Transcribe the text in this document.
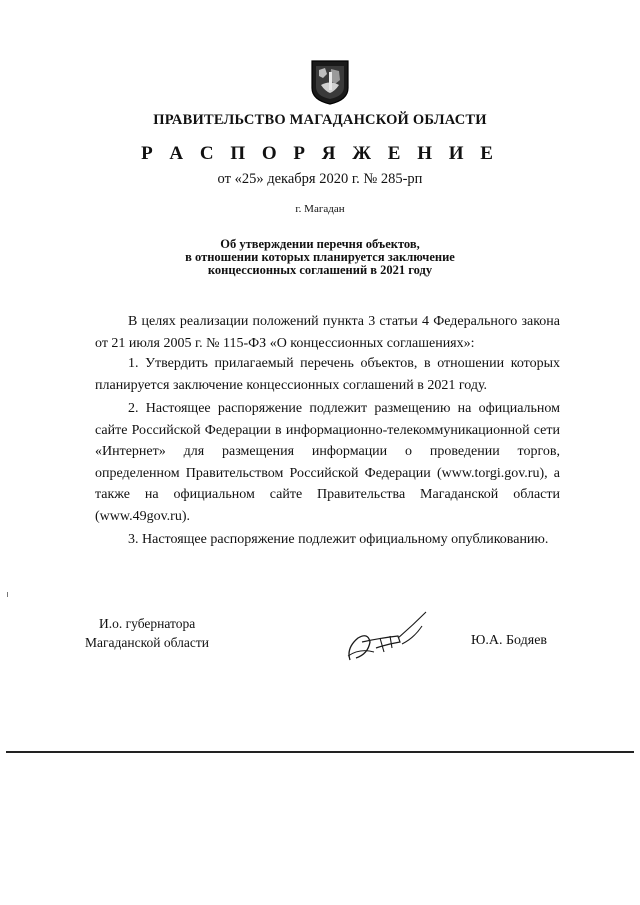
ПРАВИТЕЛЬСТВО МАГАДАНСКОЙ ОБЛАСТИ
Р А С П О Р Я Ж Е Н И Е
от «25» декабря 2020 г. № 285-рп
г. Магадан
Об утверждении перечня объектов,
в отношении которых планируется заключение
концессионных соглашений в 2021 году

В целях реализации положений пункта 3 статьи 4 Федерального закона от 21 июля 2005 г. № 115-ФЗ «О концессионных соглашениях»:

1. Утвердить прилагаемый перечень объектов, в отношении которых планируется заключение концессионных соглашений в 2021 году.

2. Настоящее распоряжение подлежит размещению на официальном сайте Российской Федерации в информационно-телекоммуникационной сети «Интернет» для размещения информации о проведении торгов, определенном Правительством Российской Федерации (www.torgi.gov.ru), а также на официальном сайте Правительства Магаданской области (www.49gov.ru).

3. Настоящее распоряжение подлежит официальному опубликованию.

И.о. губернатора
Магаданской области	Ю.А. Бодяев
